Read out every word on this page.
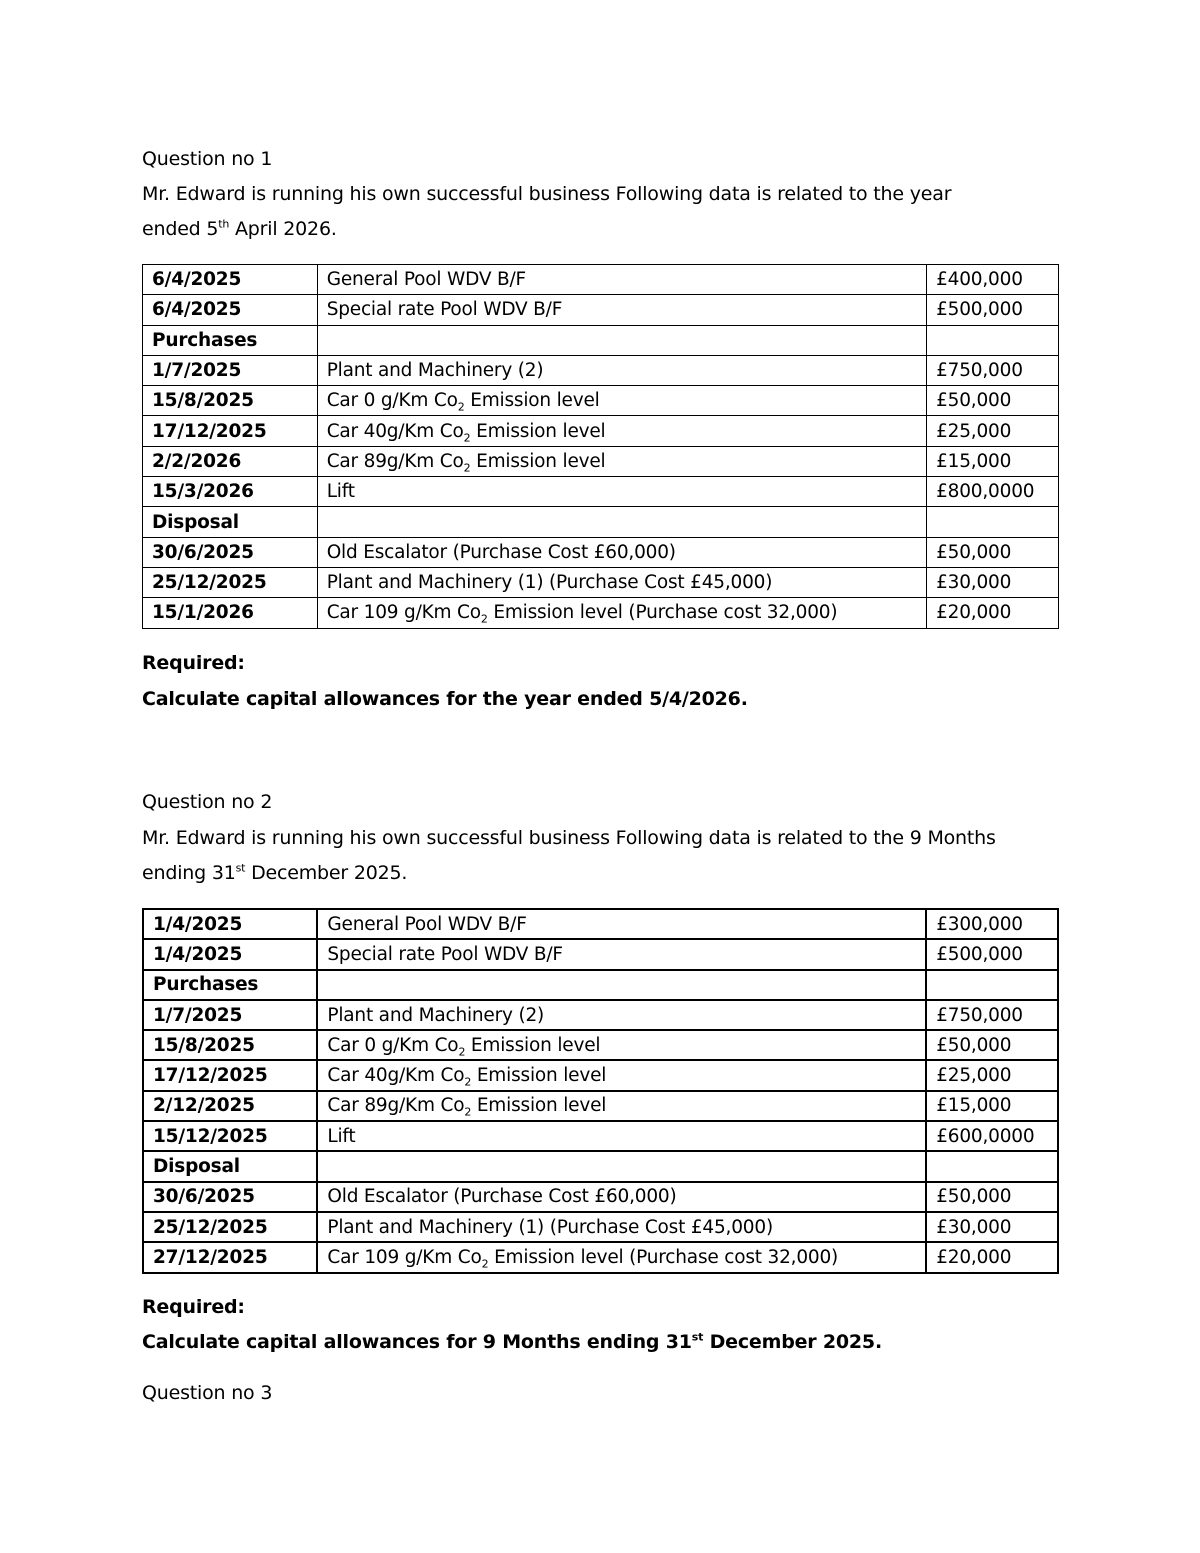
Question no 1
Mr. Edward is running his own successful business Following data is related to the year
ended 5th April 2026.
6/4/2025	General Pool WDV B/F	£400,000
6/4/2025	Special rate Pool WDV B/F	£500,000
Purchases		
1/7/2025	Plant and Machinery (2)	£750,000
15/8/2025	Car 0 g/Km $Co_2$ Emission level	£50,000
17/12/2025	Car 40g/Km $Co_2$ Emission level	£25,000
2/2/2026	Car 89g/Km $Co_2$ Emission level	£15,000
15/3/2026	Lift	£800,0000
Disposal		
30/6/2025	Old Escalator (Purchase Cost £60,000)	£50,000
25/12/2025	Plant and Machinery (1) (Purchase Cost £45,000)	£30,000
15/1/2026	Car 109 g/Km $Co_2$ Emission level (Purchase cost 32,000)	£20,000
Required:
Calculate capital allowances for the year ended 5/4/2026.
Question no 2
Mr. Edward is running his own successful business Following data is related to the 9 Months
ending 31st December 2025.
1/4/2025	General Pool WDV B/F	£300,000
1/4/2025	Special rate Pool WDV B/F	£500,000
Purchases		
1/7/2025	Plant and Machinery (2)	£750,000
15/8/2025	Car 0 g/Km $Co_2$ Emission level	£50,000
17/12/2025	Car 40g/Km $Co_2$ Emission level	£25,000
2/12/2025	Car 89g/Km $Co_2$ Emission level	£15,000
15/12/2025	Lift	£600,0000
Disposal		
30/6/2025	Old Escalator (Purchase Cost £60,000)	£50,000
25/12/2025	Plant and Machinery (1) (Purchase Cost £45,000)	£30,000
27/12/2025	Car 109 g/Km $Co_2$ Emission level (Purchase cost 32,000)	£20,000
Required:
Calculate capital allowances for 9 Months ending 31st December 2025.
Question no 3
